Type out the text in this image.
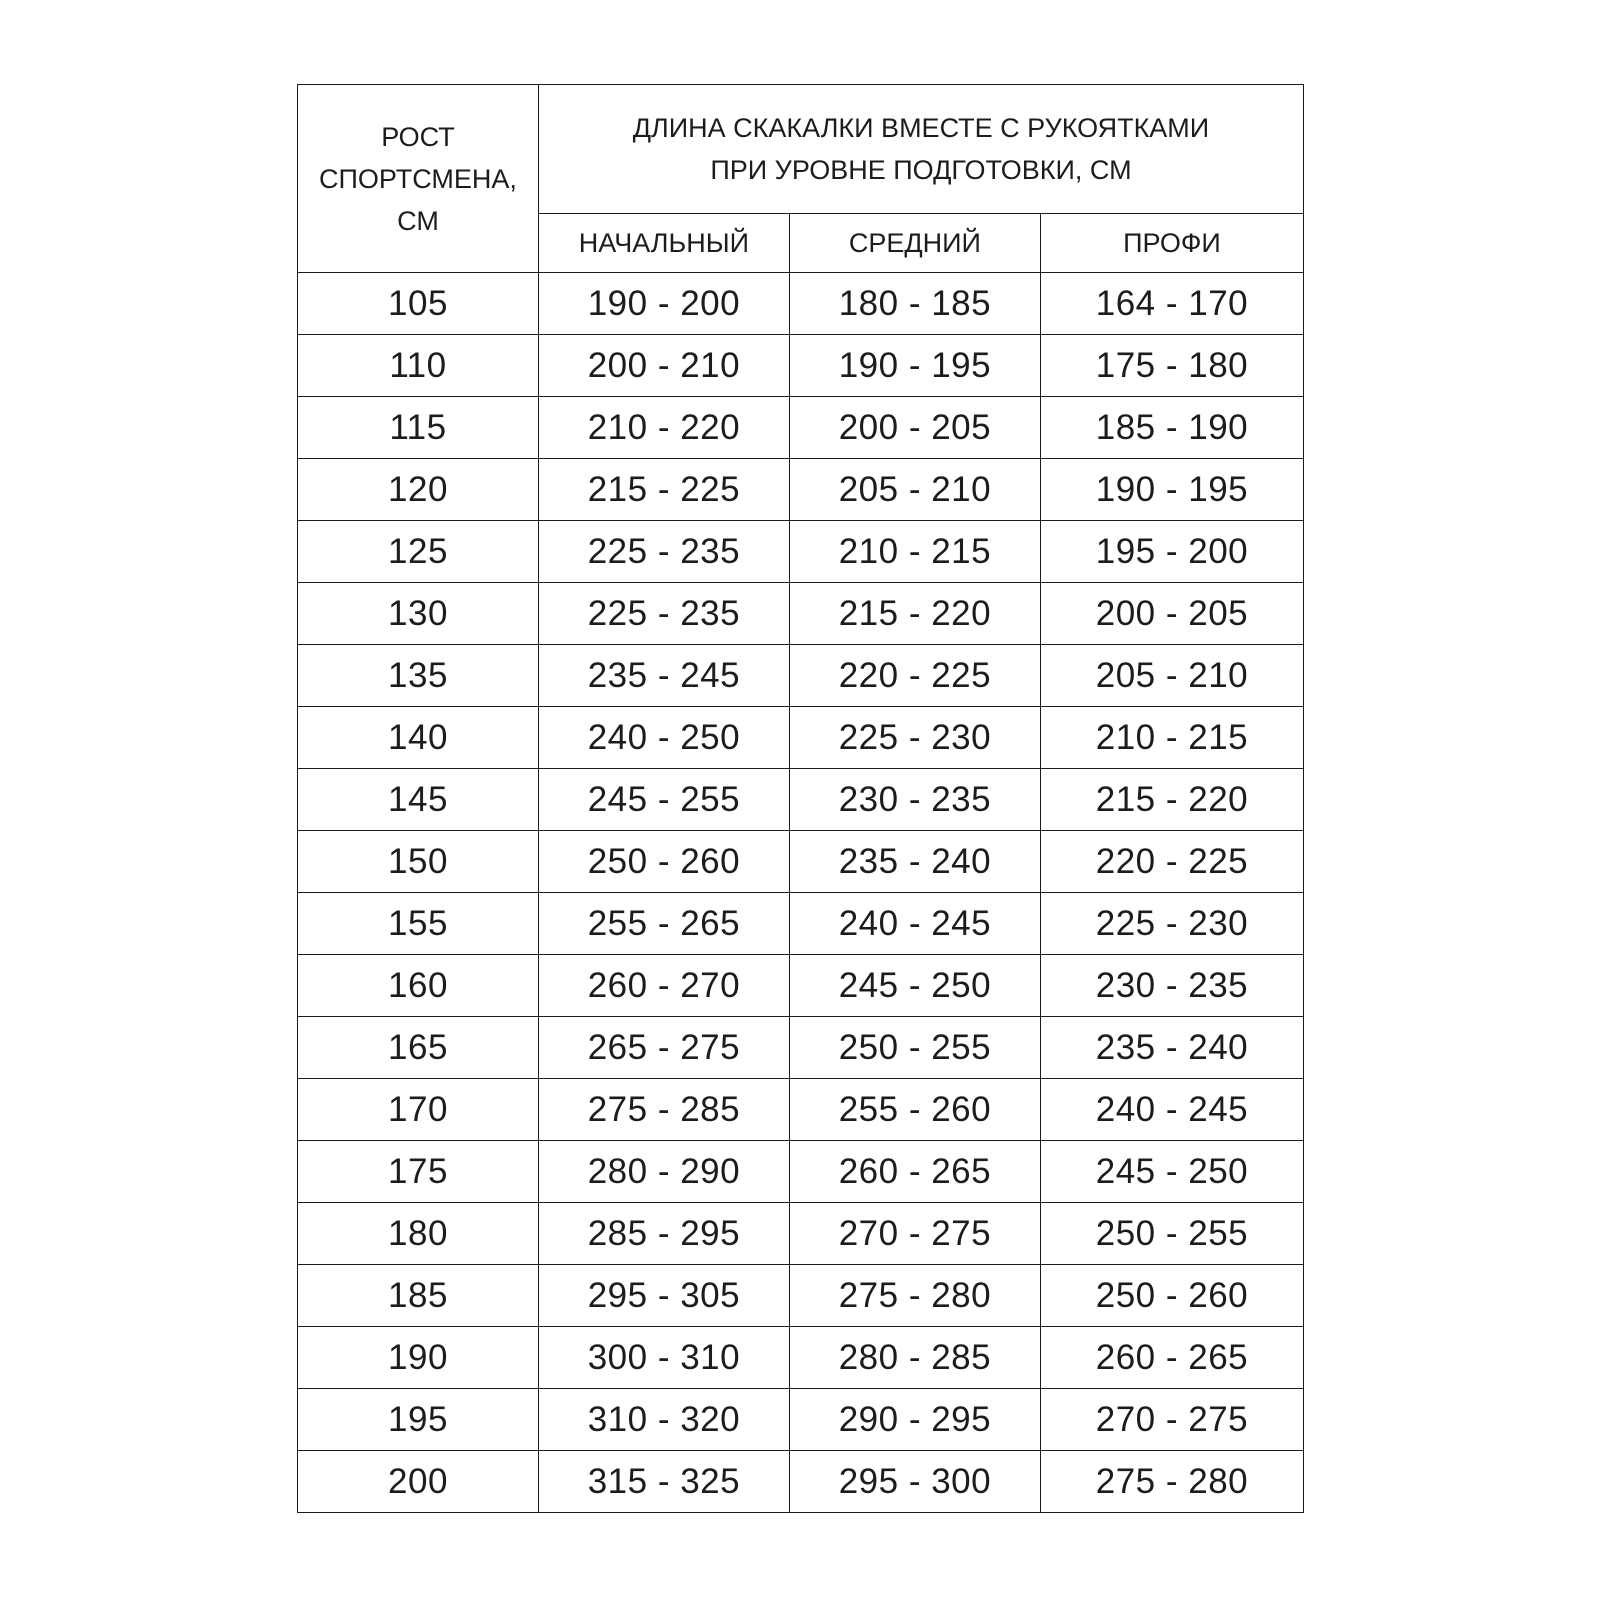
РОСТ СПОРТСМЕНА, СМ	ДЛИНА СКАКАЛКИ ВМЕСТЕ С РУКОЯТКАМИ
ПРИ УРОВНЕ ПОДГОТОВКИ, СМ		

	НАЧАЛЬНЫЙ	СРЕДНИЙ	ПРОФИ
105	190 - 200	180 - 185	164 - 170
110	200 - 210	190 - 195	175 - 180
115	210 - 220	200 - 205	185 - 190
120	215 - 225	205 - 210	190 - 195
125	225 - 235	210 - 215	195 - 200
130	225 - 235	215 - 220	200 - 205
135	235 - 245	220 - 225	205 - 210
140	240 - 250	225 - 230	210 - 215
145	245 - 255	230 - 235	215 - 220
150	250 - 260	235 - 240	220 - 225
155	255 - 265	240 - 245	225 - 230
160	260 - 270	245 - 250	230 - 235
165	265 - 275	250 - 255	235 - 240
170	275 - 285	255 - 260	240 - 245
175	280 - 290	260 - 265	245 - 250
180	285 - 295	270 - 275	250 - 255
185	295 - 305	275 - 280	250 - 260
190	300 - 310	280 - 285	260 - 265
195	310 - 320	290 - 295	270 - 275
200	315 - 325	295 - 300	275 - 280
